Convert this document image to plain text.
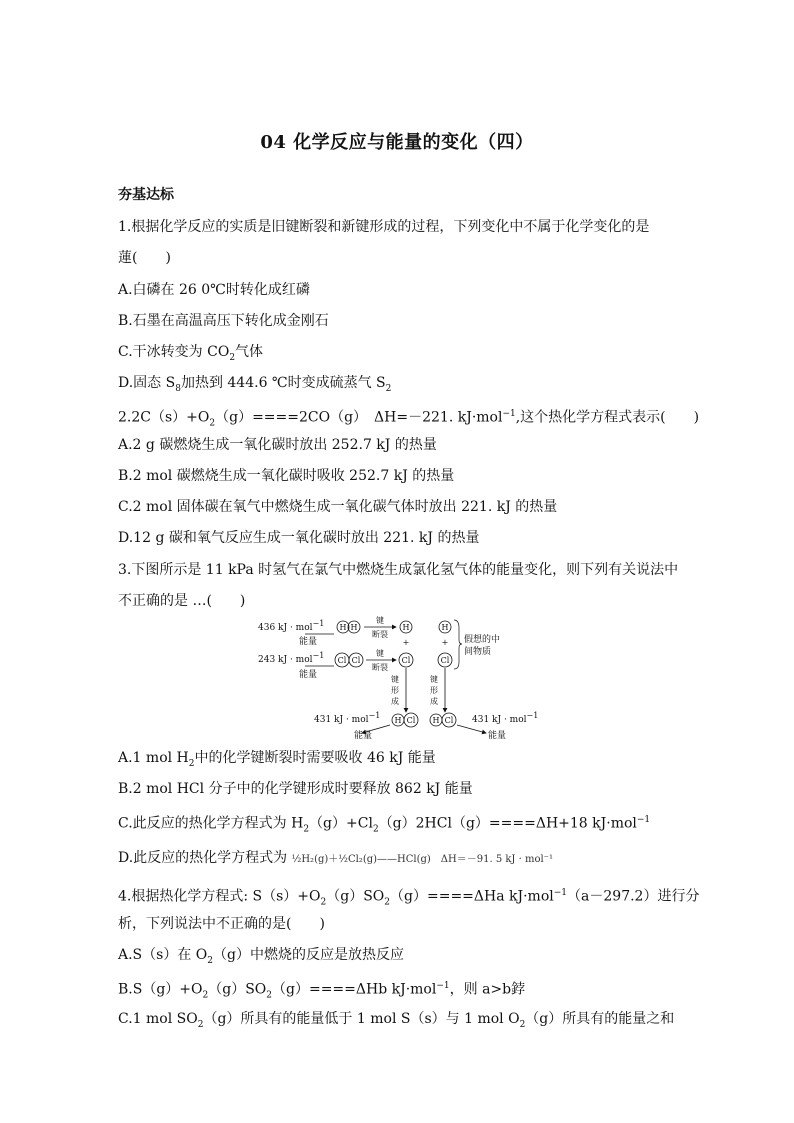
04 化学反应与能量的变化（四）
夯基达标
1.根据化学反应的实质是旧键断裂和新键形成的过程，下列变化中不属于化学变化的是
蓮(　　)
A.白磷在 26 0℃时转化成红磷
B.石墨在高温高压下转化成金刚石
C.干冰转变为 $CO_2$气体
D.固态 $S_8$加热到 444.6 ℃时变成硫蒸气 $S_2$
$2.2C(s)+O_2(g)====2CO(g)$　ΔH=－221. kJ·mol$^{-1}$,这个热化学方程式表示(　　)
A.2 g 碳燃烧生成一氧化碳时放出 252.7 kJ 的热量
B.2 mol 碳燃烧生成一氧化碳时吸收 252.7 kJ 的热量
C.2 mol 固体碳在氧气中燃烧生成一氧化碳气体时放出 221. kJ 的热量
D.12 g 碳和氧气反应生成一氧化碳时放出 221. kJ 的热量
3.下图所示是 11 kPa 时氢气在氯气中燃烧生成氯化氢气体的能量变化，则下列有关说法中
不正确的是 …(　　)
436 kJ · mol−1
能量
H H
键
断裂
H
+
H
+
Cl
假想的中
间物质
243 kJ · mol−1
能量
Cl Cl
键
断裂
Cl
键
形
成
键
形
成
H Cl H Cl
431 kJ · mol−1
能量
431 kJ · mol−1
能量
A.1 mol $H_2$中的化学键断裂时需要吸收 46 kJ 能量
B.2 mol HCl 分子中的化学键形成时要释放 862 kJ 能量
C.此反应的热化学方程式为 $H_2(g)+Cl_2(g)2HCl(g)====\Delta H+18$ kJ·mol$^{-1}$
D.此反应的热化学方程式为 ½H₂(g)＋½Cl₂(g)——HCl(g)　ΔH＝－91. 5 kJ · mol⁻¹
4.根据热化学方程式: $S(s)+O_2(g)SO_2(g)====\Delta Ha$ kJ·mol$^{-1}$（a－297.2）进行分
析，下列说法中不正确的是(　　)
A.S（s）在 $O_2(g)$中燃烧的反应是放热反应
$B.S(g)+O_2(g)SO_2(g)====\Delta Hb$ kJ·mol$^{-1}$，则 a>b鋍
C.1 mol $SO_2(g)$所具有的能量低于 1 mol S（s）与 1 mol $O_2(g)$所具有的能量之和
